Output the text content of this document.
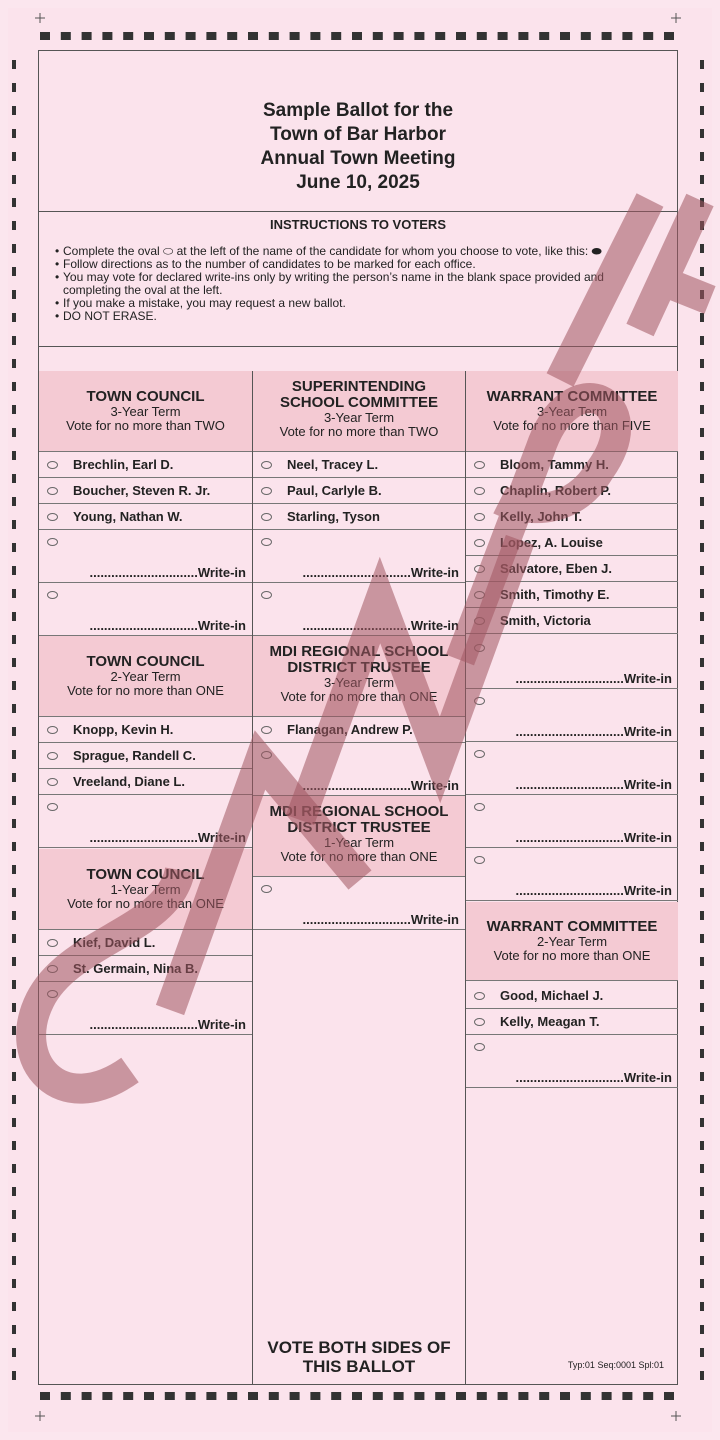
Sample Ballot for the
Town of Bar Harbor
Annual Town Meeting
June 10, 2025
INSTRUCTIONS TO VOTERS
• Complete the oval ⬭ at the left of the name of the candidate for whom you choose to vote, like this: ⬬
• Follow directions as to the number of candidates to be marked for each office.
• You may vote for declared write-ins only by writing the person’s name in the blank space provided and completing the oval at the left.
• If you make a mistake, you may request a new ballot.
• DO NOT ERASE.
TOWN COUNCIL
3-Year Term
Vote for no more than TWO
Brechlin, Earl D.
Boucher, Steven R. Jr.
Young, Nathan W.
..............................Write-in
..............................Write-in
TOWN COUNCIL
2-Year Term
Vote for no more than ONE
Knopp, Kevin H.
Sprague, Randell C.
Vreeland, Diane L.
..............................Write-in
TOWN COUNCIL
1-Year Term
Vote for no more than ONE
Kief, David L.
St. Germain, Nina B.
..............................Write-in
SUPERINTENDING
SCHOOL COMMITTEE
3-Year Term
Vote for no more than TWO
Neel, Tracey L.
Paul, Carlyle B.
Starling, Tyson
..............................Write-in
..............................Write-in
MDI REGIONAL SCHOOL
DISTRICT TRUSTEE
3-Year Term
Vote for no more than ONE
Flanagan, Andrew P.
..............................Write-in
MDI REGIONAL SCHOOL
DISTRICT TRUSTEE
1-Year Term
Vote for no more than ONE
..............................Write-in
VOTE BOTH SIDES OF
THIS BALLOT
WARRANT COMMITTEE
3-Year Term
Vote for no more than FIVE
Bloom, Tammy H.
Chaplin, Robert P.
Kelly, John T.
Lopez, A. Louise
Salvatore, Eben J.
Smith, Timothy E.
Smith, Victoria
..............................Write-in
..............................Write-in
..............................Write-in
..............................Write-in
..............................Write-in
WARRANT COMMITTEE
2-Year Term
Vote for no more than ONE
Good, Michael J.
Kelly, Meagan T.
..............................Write-in
Typ:01 Seq:0001 Spl:01
